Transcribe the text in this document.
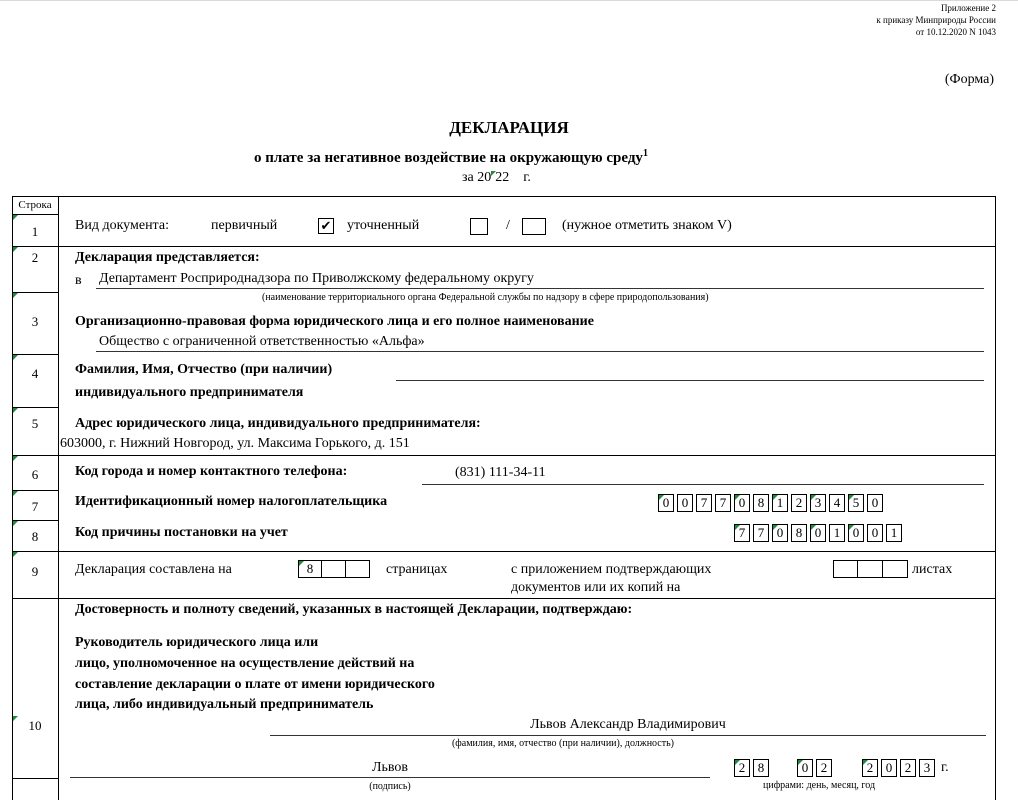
Приложение 2
к приказу Минприроды России
от 10.12.2020 N 1043
(Форма)
ДЕКЛАРАЦИЯ
о плате за негативное воздействие на окружающую среду$^1$
за 20 22 г.
Строка
1	Вид документа:	первичный	✔ уточненный	/	(нужное отметить знаком V)
2	Декларация представляется:
в Департамент Росприроднадзора по Приволжскому федеральному округу
(наименование территориального органа Федеральной службы по надзору в сфере природопользования)
3	Организационно-правовая форма юридического лица и его полное наименование
Общество с ограниченной ответственностью «Альфа»
4	Фамилия, Имя, Отчество (при наличии)
индивидуального предпринимателя
5	Адрес юридического лица, индивидуального предпринимателя:
603000, г. Нижний Новгород, ул. Максима Горького, д. 151
6	Код города и номер контактного телефона:	(831) 111-34-11
7	Идентификационный номер налогоплательщика	0 0 7 7 0 8 1 2 3 4 5 0
8	Код причины постановки на учет	7 7 0 8 0 1 0 0 1
9	Декларация составлена на	8	страницах	с приложением подтверждающих
документов или их копий на
листах
10
Достоверность и полноту сведений, указанных в настоящей Декларации, подтверждаю:
Руководитель юридического лица или
лицо, уполномоченное на осуществление действий на
составление декларации о плате от имени юридического
лица, либо индивидуальный предприниматель
Львов Александр Владимирович
(фамилия, имя, отчество (при наличии), должность)
Львов
(подпись)
2 8	0 2	2 0 2 3 г.
цифрами: день, месяц, год
